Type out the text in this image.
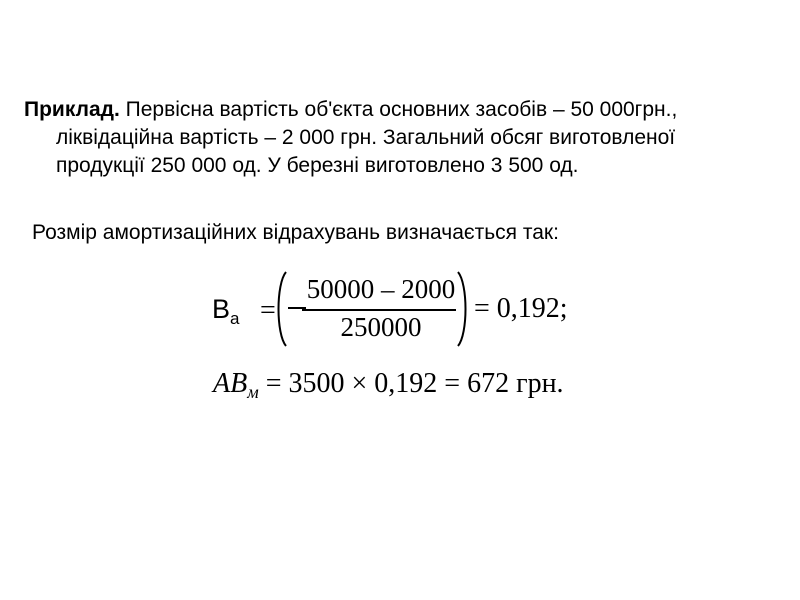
Приклад. Первісна вартість об'єкта основних засобів – 50 000грн.,
ліквідаційна вартість – 2 000 грн. Загальний обсяг виготовленої
продукції 250 000 од. У березні виготовлено 3 500 од.
Розмір амортизаційних відрахувань визначається так:
$В_а$ =
50000 – 2000
250000
= 0,192;
$AB_м = 3500 \times 0,192 = 672$ грн.
